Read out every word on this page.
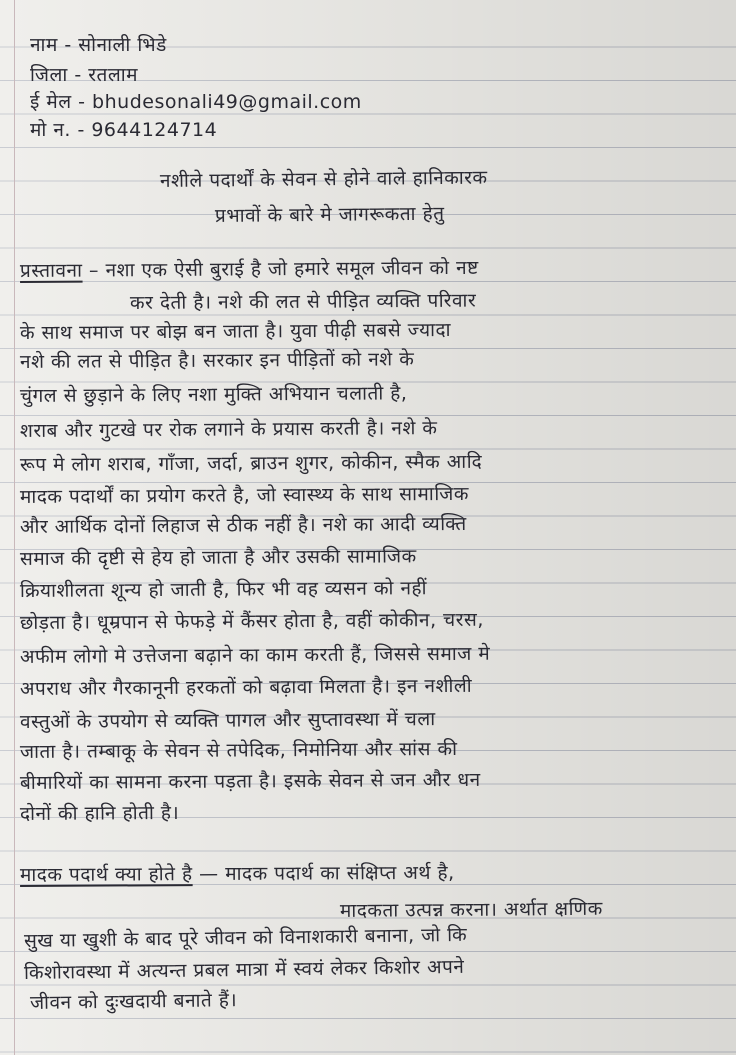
नाम - सोनाली भिडे
जिला - रतलाम
ई मेल - bhudesonali49@gmail.com
मो न. - 9644124714
नशीले पदार्थों के सेवन से होने वाले हानिकारक
प्रभावों के बारे मे जागरूकता हेतु
प्रस्तावना – नशा एक ऐसी बुराई है जो हमारे समूल जीवन को नष्ट
कर देती है। नशे की लत से पीड़ित व्यक्ति परिवार
के साथ समाज पर बोझ बन जाता है। युवा पीढ़ी सबसे ज्यादा
नशे की लत से पीड़ित है। सरकार इन पीड़ितों को नशे के
चुंगल से छुड़ाने के लिए नशा मुक्ति अभियान चलाती है,
शराब और गुटखे पर रोक लगाने के प्रयास करती है। नशे के
रूप मे लोग शराब, गाँजा, जर्दा, ब्राउन शुगर, कोकीन, स्मैक आदि
मादक पदार्थों का प्रयोग करते है, जो स्वास्थ्य के साथ सामाजिक
और आर्थिक दोनों लिहाज से ठीक नहीं है। नशे का आदी व्यक्ति
समाज की दृष्टी से हेय हो जाता है और उसकी सामाजिक
क्रियाशीलता शून्य हो जाती है, फिर भी वह व्यसन को नहीं
छोड़ता है। धूम्रपान से फेफड़े में कैंसर होता है, वहीं कोकीन, चरस,
अफीम लोगो मे उत्तेजना बढ़ाने का काम करती हैं, जिससे समाज मे
अपराध और गैरकानूनी हरकतों को बढ़ावा मिलता है। इन नशीली
वस्तुओं के उपयोग से व्यक्ति पागल और सुप्तावस्था में चला
जाता है। तम्बाकू के सेवन से तपेदिक, निमोनिया और सांस की
बीमारियों का सामना करना पड़ता है। इसके सेवन से जन और धन
दोनों की हानि होती है।
मादक पदार्थ क्या होते है — मादक पदार्थ का संक्षिप्त अर्थ है,
मादकता उत्पन्न करना। अर्थात क्षणिक
सुख या खुशी के बाद पूरे जीवन को विनाशकारी बनाना, जो कि
किशोरावस्था में अत्यन्त प्रबल मात्रा में स्वयं लेकर किशोर अपने
जीवन को दुःखदायी बनाते हैं।
